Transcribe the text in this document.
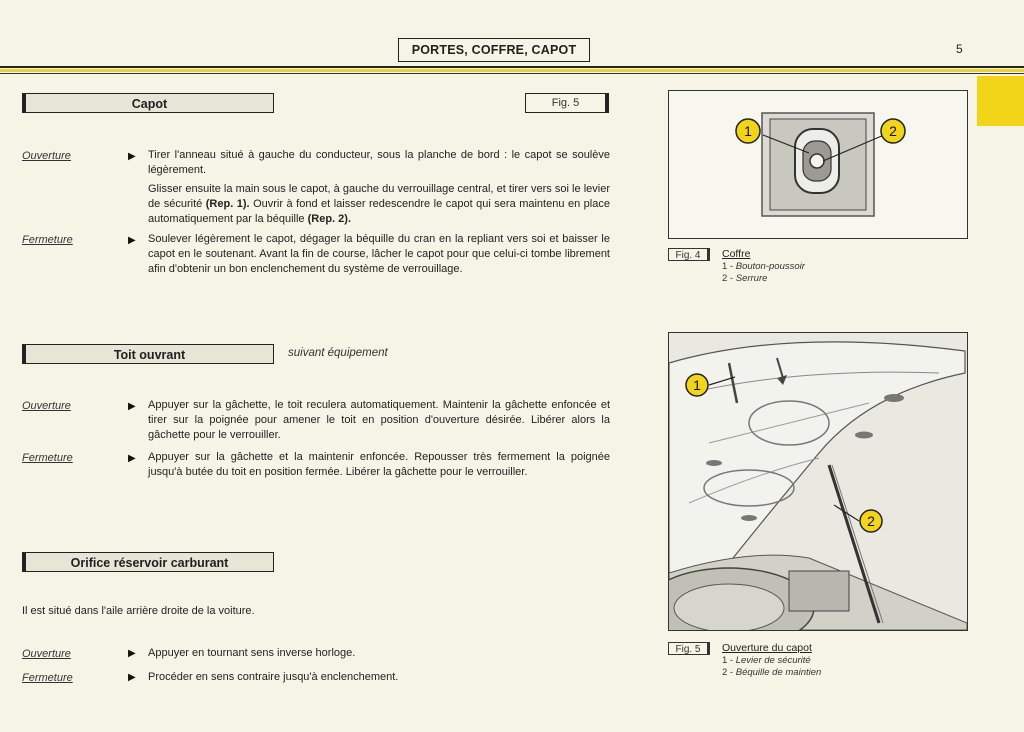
PORTES, COFFRE, CAPOT	5
Capot	Fig. 5
Ouverture	▶ Tirer l'anneau situé à gauche du conducteur, sous la planche de bord : le capot se soulève légèrement.
Glisser ensuite la main sous le capot, à gauche du verrouillage central, et tirer vers soi le levier de sécurité (Rep. 1). Ouvrir à fond et laisser redescendre le capot qui sera maintenu en place automatiquement par la béquille (Rep. 2).
Fermeture	▶ Soulever légèrement le capot, dégager la béquille du cran en la repliant vers soi et baisser le capot en le soutenant. Avant la fin de course, lâcher le capot pour que celui-ci tombe librement afin d'obtenir un bon enclenchement du système de verrouillage.
Toit ouvrant	suivant équipement
Ouverture	▶ Appuyer sur la gâchette, le toit reculera automatiquement. Maintenir la gâchette enfoncée et tirer sur la poignée pour amener le toit en position d'ouverture désirée. Libérer alors la gâchette pour le verrouiller.
Fermeture	▶ Appuyer sur la gâchette et la maintenir enfoncée. Repousser très fermement la poignée jusqu'à butée du toit en position fermée. Libérer la gâchette pour le verrouiller.
Orifice réservoir carburant
Il est situé dans l'aile arrière droite de la voiture.
Ouverture	▶ Appuyer en tournant sens inverse horloge.
Fermeture	▶ Procéder en sens contraire jusqu'à enclenchement.
1	2
Fig. 4	Coffre
1 - Bouton-poussoir
2 - Serrure
1
2
Fig. 5	Ouverture du capot
1 - Levier de sécurité
2 - Béquille de maintien
